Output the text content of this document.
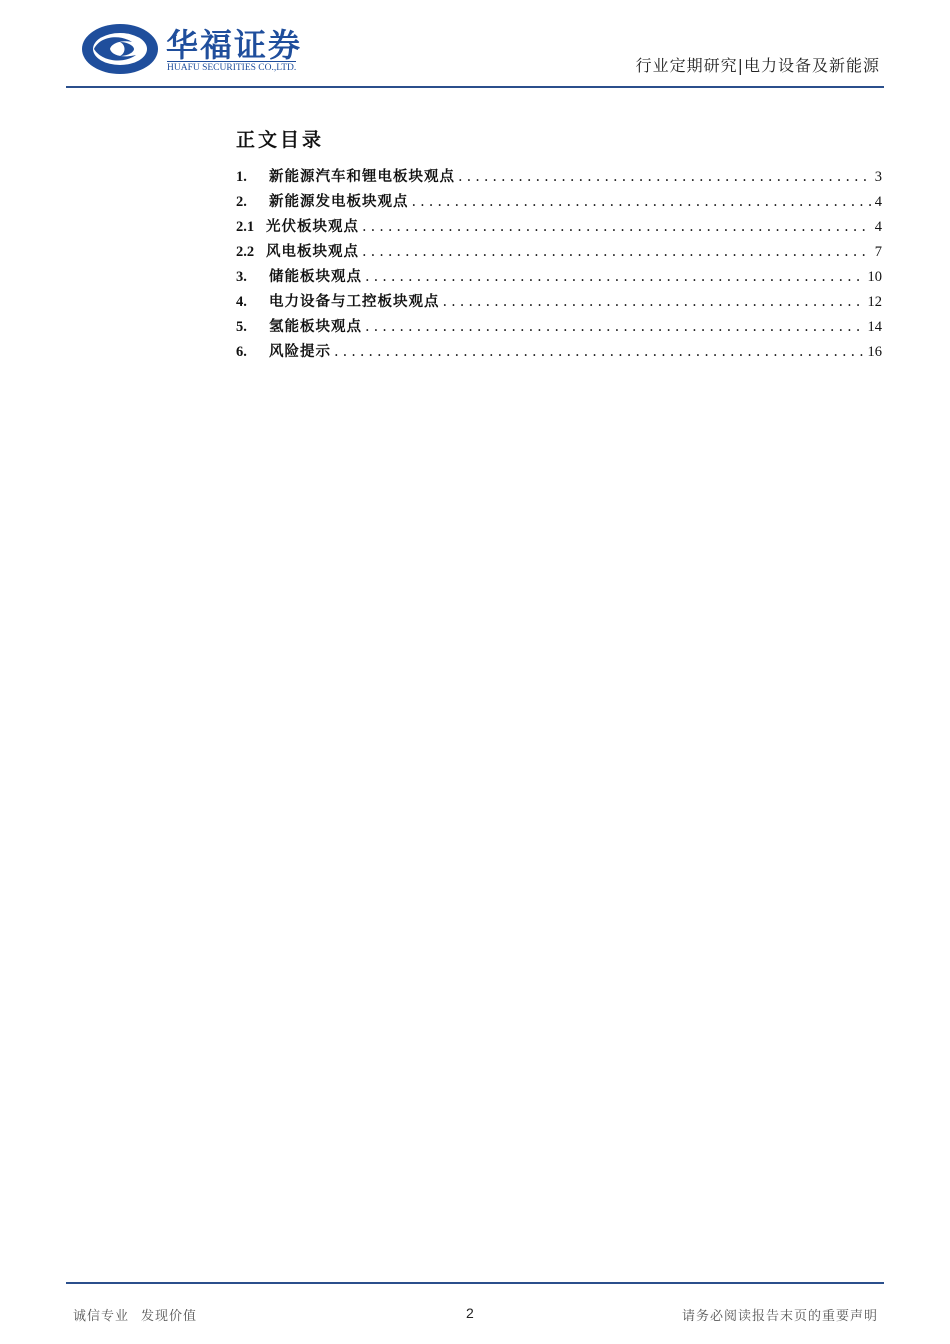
华福证券
HUAFU SECURITIES CO.,LTD.	行业定期研究|电力设备及新能源
正文目录
1.	新能源汽车和锂电板块观点 .....	3
2.	新能源发电板块观点 .....	4
2.1 光伏板块观点 .....	4
2.2 风电板块观点 .....	7
3.	储能板块观点 .....	10
4.	电力设备与工控板块观点 .....	12
5.	氢能板块观点 .....	14
6.	风险提示 .....	16
诚信专业 发现价值	2	请务必阅读报告末页的重要声明
